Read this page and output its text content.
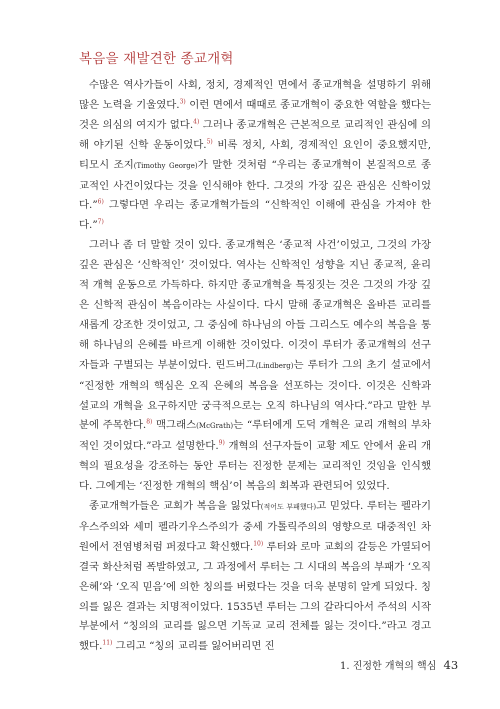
복음을 재발견한 종교개혁

수많은 역사가들이 사회, 정치, 경제적인 면에서 종교개혁을 설명하기 위해 많은 노력을 기울였다.$^{3)}$ 이런 면에서 때때로 종교개혁이 중요한 역할을 했다는 것은 의심의 여지가 없다.$^{4)}$ 그러나 종교개혁은 근본적으로 교리적인 관심에 의해 야기된 신학 운동이었다.$^{5)}$ 비록 정치, 사회, 경제적인 요인이 중요했지만, 티모시 조지(Timothy George)가 말한 것처럼 “우리는 종교개혁이 본질적으로 종교적인 사건이었다는 것을 인식해야 한다. 그것의 가장 깊은 관심은 신학이었다.”$^{6)}$ 그렇다면 우리는 종교개혁가들의 “신학적인 이해에 관심을 가져야 한다.”$^{7)}$

그러나 좀 더 말할 것이 있다. 종교개혁은 ‘종교적 사건’이었고, 그것의 가장 깊은 관심은 ‘신학적인’ 것이었다. 역사는 신학적인 성향을 지닌 종교적, 윤리적 개혁 운동으로 가득하다. 하지만 종교개혁을 특징짓는 것은 그것의 가장 깊은 신학적 관심이 복음이라는 사실이다. 다시 말해 종교개혁은 올바른 교리를 새롭게 강조한 것이었고, 그 중심에 하나님의 아들 그리스도 예수의 복음을 통해 하나님의 은혜를 바르게 이해한 것이었다. 이것이 루터가 종교개혁의 선구자들과 구별되는 부분이었다. 린드버그(Lindberg)는 루터가 그의 초기 설교에서 “진정한 개혁의 핵심은 오직 은혜의 복음을 선포하는 것이다. 이것은 신학과 설교의 개혁을 요구하지만 궁극적으로는 오직 하나님의 역사다.”라고 말한 부분에 주목한다.$^{8)}$ 맥그래스(McGrath)는 “루터에게 도덕 개혁은 교리 개혁의 부차적인 것이었다.”라고 설명한다.$^{9)}$ 개혁의 선구자들이 교황 제도 안에서 윤리 개혁의 필요성을 강조하는 동안 루터는 진정한 문제는 교리적인 것임을 인식했다. 그에게는 ‘진정한 개혁의 핵심’이 복음의 회복과 관련되어 있었다.

종교개혁가들은 교회가 복음을 잃었다(적어도 부패했다)고 믿었다. 루터는 펠라기우스주의와 세미 펠라기우스주의가 중세 가톨릭주의의 영향으로 대중적인 차원에서 전염병처럼 퍼졌다고 확신했다.$^{10)}$ 루터와 로마 교회의 갈등은 가열되어 결국 화산처럼 폭발하였고, 그 과정에서 루터는 그 시대의 복음의 부패가 ‘오직 은혜’와 ‘오직 믿음’에 의한 칭의를 버렸다는 것을 더욱 분명히 알게 되었다. 칭의를 잃은 결과는 치명적이었다. 1535년 루터는 그의 갈라디아서 주석의 시작 부분에서 “칭의의 교리를 잃으면 기독교 교리 전체를 잃는 것이다.”라고 경고했다.$^{11)}$ 그리고 “칭의 교리를 잃어버리면 진

1. 진정한 개혁의 핵심 43
